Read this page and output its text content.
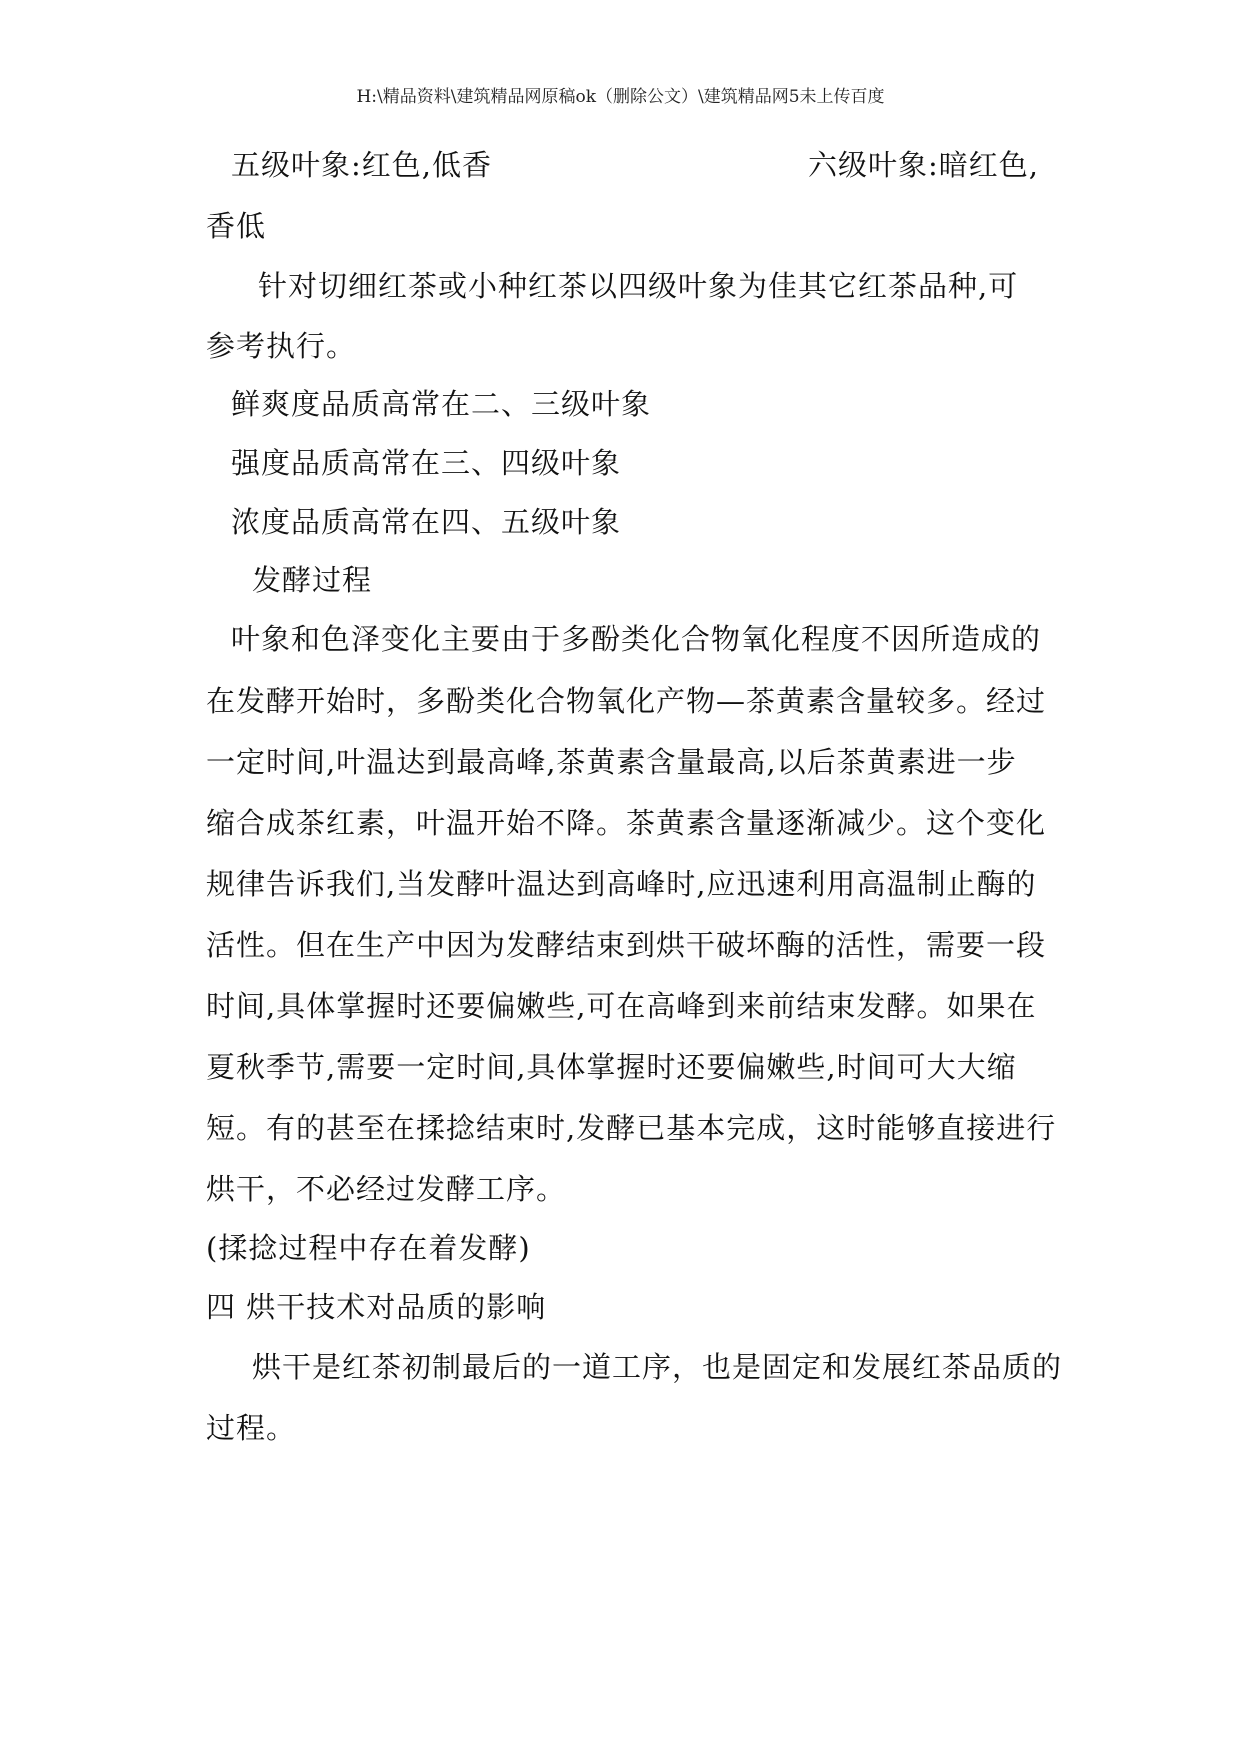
H:\精品资料\建筑精品网原稿ok（删除公文）\建筑精品网5未上传百度
五级叶象:红色,低香	六级叶象:暗红色,
香低
针对切细红茶或小种红茶以四级叶象为佳其它红茶品种,可
参考执行。
鲜爽度品质高常在二、三级叶象
强度品质高常在三、四级叶象
浓度品质高常在四、五级叶象
发酵过程
叶象和色泽变化主要由于多酚类化合物氧化程度不因所造成的
在发酵开始时，多酚类化合物氧化产物—茶黄素含量较多。经过
一定时间,叶温达到最高峰,茶黄素含量最高,以后茶黄素进一步
缩合成茶红素，叶温开始不降。茶黄素含量逐渐减少。这个变化
规律告诉我们,当发酵叶温达到高峰时,应迅速利用高温制止酶的
活性。但在生产中因为发酵结束到烘干破坏酶的活性，需要一段
时间,具体掌握时还要偏嫩些,可在高峰到来前结束发酵。如果在
夏秋季节,需要一定时间,具体掌握时还要偏嫩些,时间可大大缩
短。有的甚至在揉捻结束时,发酵已基本完成，这时能够直接进行
烘干，不必经过发酵工序。
(揉捻过程中存在着发酵)
四 烘干技术对品质的影响
烘干是红茶初制最后的一道工序，也是固定和发展红茶品质的
过程。
